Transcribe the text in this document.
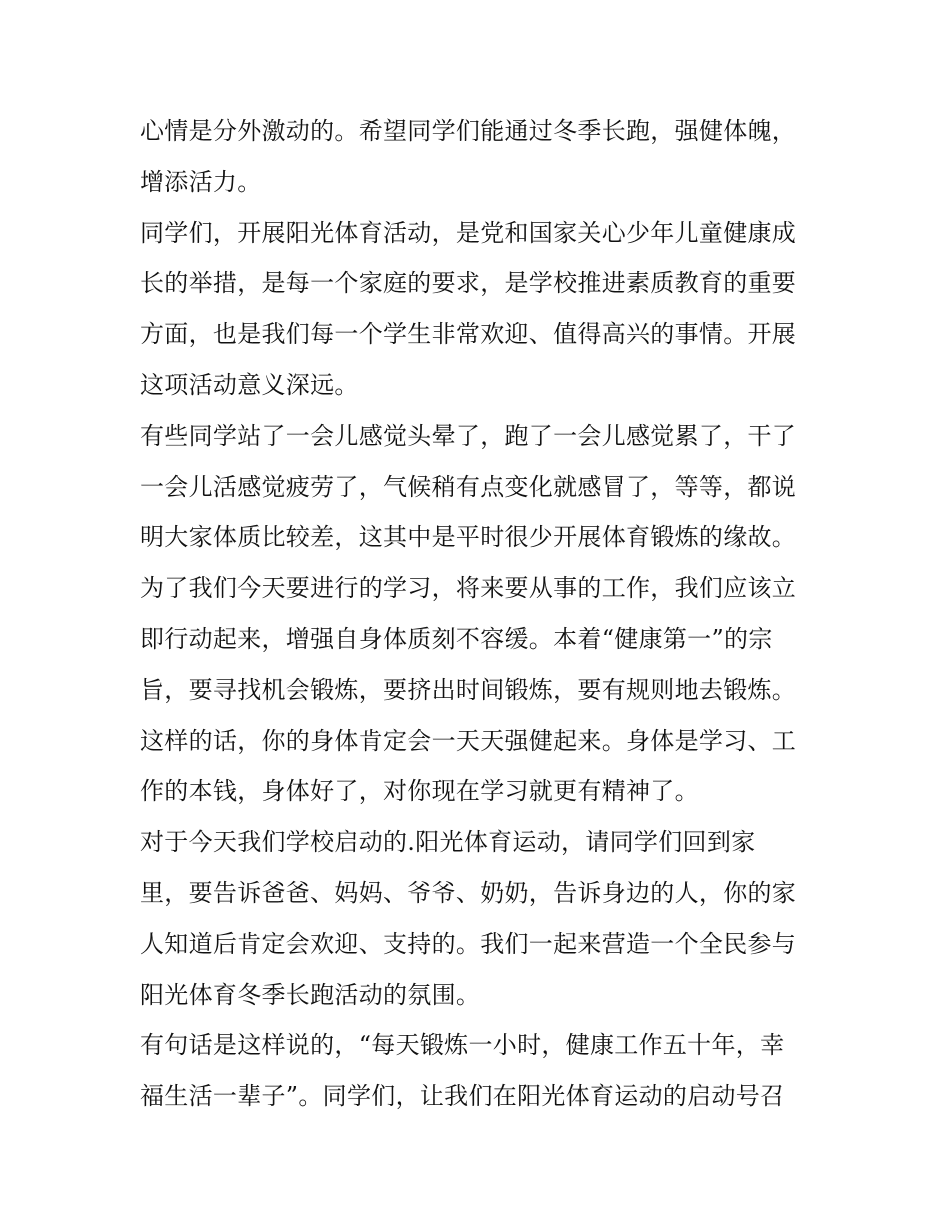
心情是分外激动的。希望同学们能通过冬季长跑，强健体魄，
增添活力。
同学们，开展阳光体育活动，是党和国家关心少年儿童健康成
长的举措，是每一个家庭的要求，是学校推进素质教育的重要
方面，也是我们每一个学生非常欢迎、值得高兴的事情。开展
这项活动意义深远。
有些同学站了一会儿感觉头晕了，跑了一会儿感觉累了，干了
一会儿活感觉疲劳了，气候稍有点变化就感冒了，等等，都说
明大家体质比较差，这其中是平时很少开展体育锻炼的缘故。
为了我们今天要进行的学习，将来要从事的工作，我们应该立
即行动起来，增强自身体质刻不容缓。本着“健康第一”的宗
旨，要寻找机会锻炼，要挤出时间锻炼，要有规则地去锻炼。
这样的话，你的身体肯定会一天天强健起来。身体是学习、工
作的本钱，身体好了，对你现在学习就更有精神了。
对于今天我们学校启动的.阳光体育运动，请同学们回到家
里，要告诉爸爸、妈妈、爷爷、奶奶，告诉身边的人，你的家
人知道后肯定会欢迎、支持的。我们一起来营造一个全民参与
阳光体育冬季长跑活动的氛围。
有句话是这样说的，“每天锻炼一小时，健康工作五十年，幸
福生活一辈子”。同学们，让我们在阳光体育运动的启动号召
